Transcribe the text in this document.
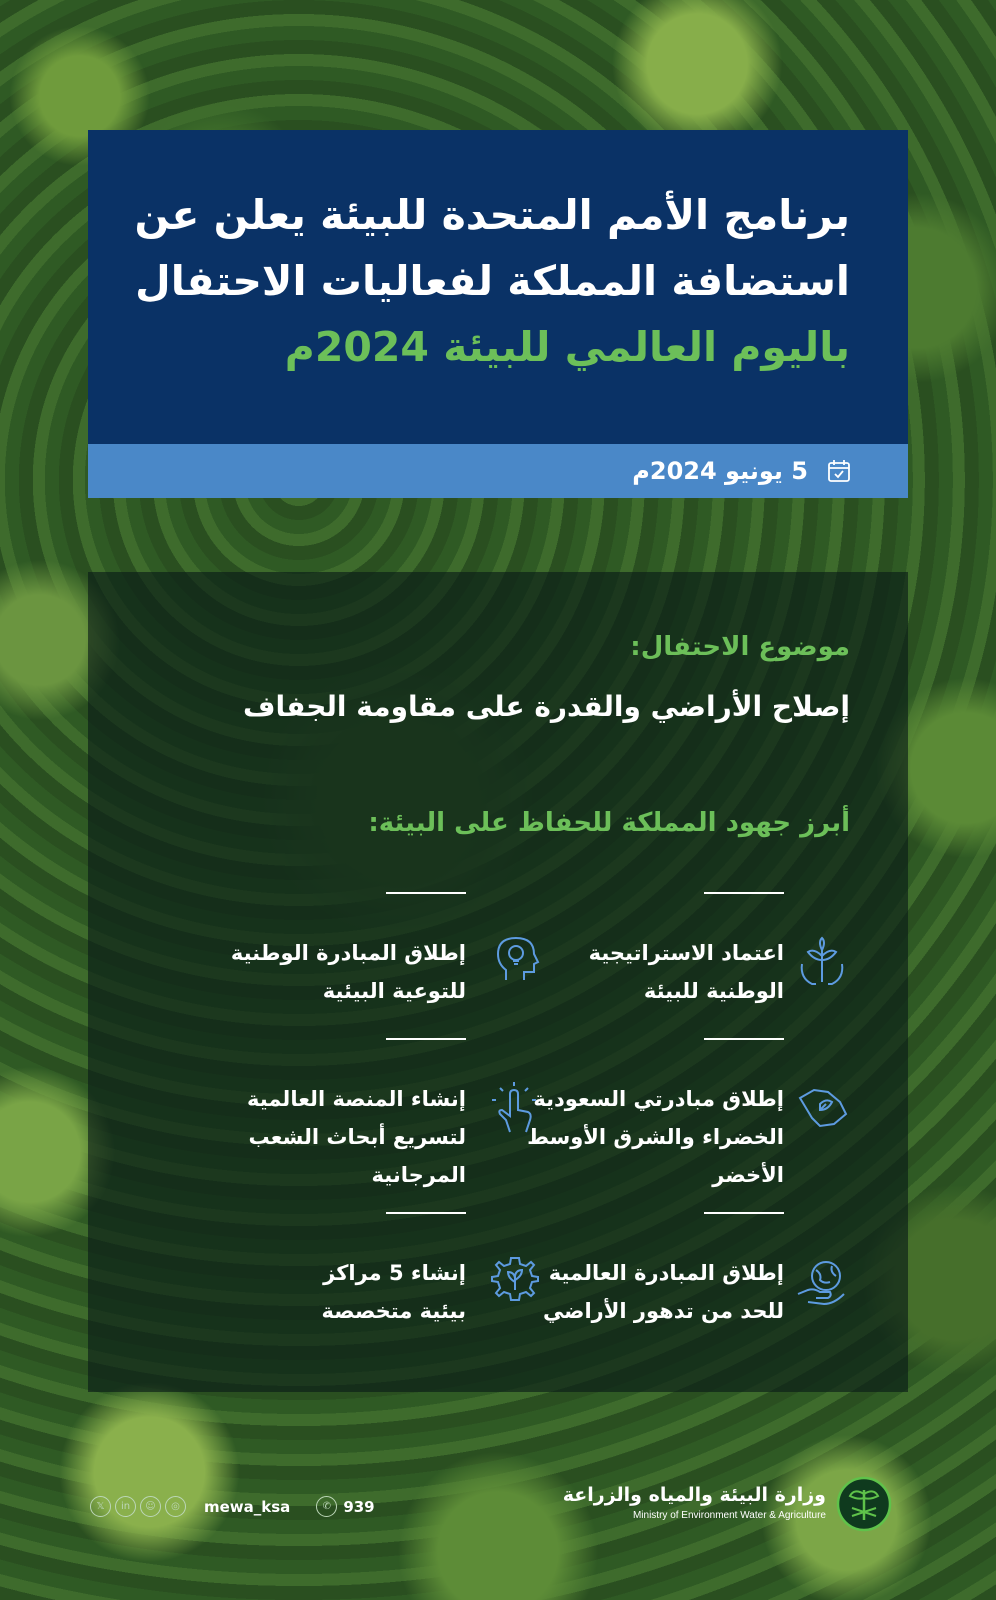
برنامج الأمم المتحدة للبيئة يعلن عن
استضافة المملكة لفعاليات الاحتفال
باليوم العالمي للبيئة 2024م
5 يونيو 2024م
موضوع الاحتفال:
إصلاح الأراضي والقدرة على مقاومة الجفاف
أبرز جهود المملكة للحفاظ على البيئة:
اعتماد الاستراتيجية
الوطنية للبيئة
إطلاق مبادرتي السعودية
الخضراء والشرق الأوسط
الأخضر
إطلاق المبادرة العالمية
للحد من تدهور الأراضي
إطلاق المبادرة الوطنية
للتوعية البيئية
إنشاء المنصة العالمية
لتسريع أبحاث الشعب
المرجانية
إنشاء 5 مراكز
بيئية متخصصة
𝕏	in	☺	◎	mewa_ksa	✆ 939
وزارة البيئة والمياه والزراعة
Ministry of Environment Water & Agriculture
